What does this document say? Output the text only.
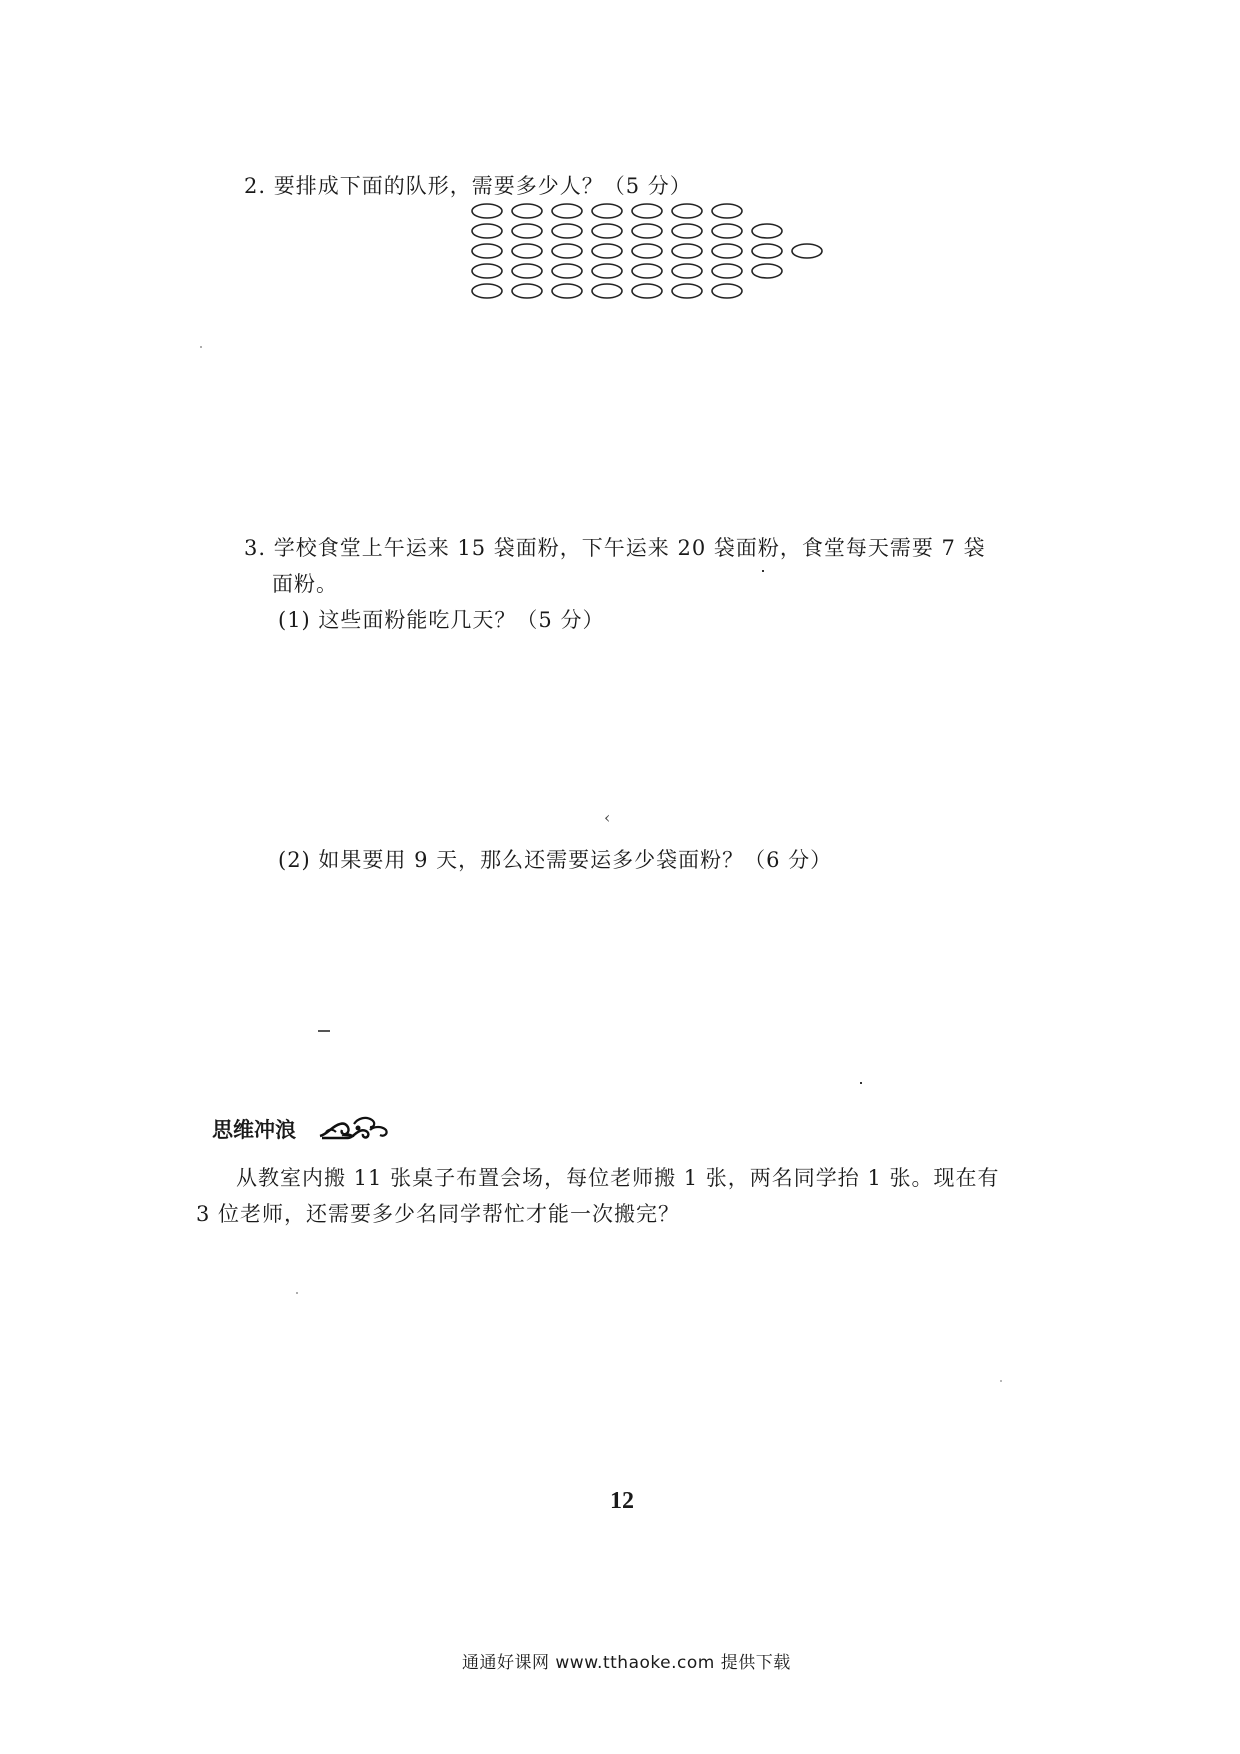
2. 要排成下面的队形，需要多少人？（5 分）
3. 学校食堂上午运来 15 袋面粉，下午运来 20 袋面粉，食堂每天需要 7 袋
面粉。
(1) 这些面粉能吃几天？（5 分）
‹
(2) 如果要用 9 天，那么还需要运多少袋面粉？（6 分）
思维冲浪
从教室内搬 11 张桌子布置会场，每位老师搬 1 张，两名同学抬 1 张。现在有
3 位老师，还需要多少名同学帮忙才能一次搬完？
12
通通好课网 www.tthaoke.com 提供下载
